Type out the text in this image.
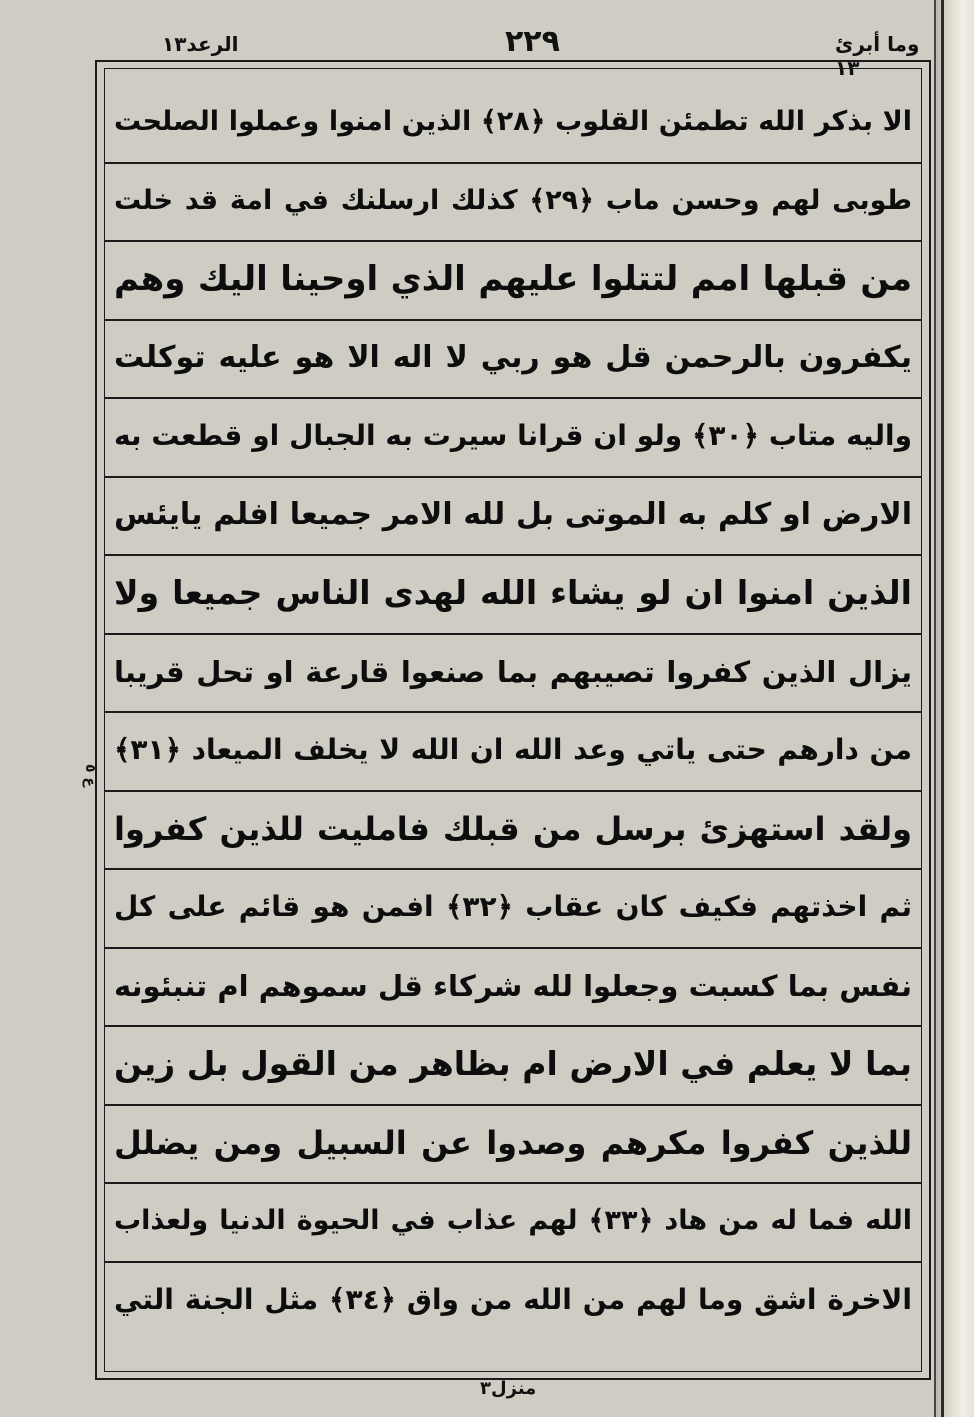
الرعد١٣	٢٢٩	وما أبرئ ١٣
الا بذكر الله تطمئن القلوب ﴿٢٨﴾ الذين امنوا وعملوا الصلحت
طوبى لهم وحسن ماب ﴿٢٩﴾ كذلك ارسلنك في امة قد خلت
من قبلها امم لتتلوا عليهم الذي اوحينا اليك وهم
يكفرون بالرحمن قل هو ربي لا اله الا هو عليه توكلت
واليه متاب ﴿٣٠﴾ ولو ان قرانا سيرت به الجبال او قطعت به
الارض او كلم به الموتى بل لله الامر جميعا افلم يايئس
الذين امنوا ان لو يشاء الله لهدى الناس جميعا ولا
يزال الذين كفروا تصيبهم بما صنعوا قارعة او تحل قريبا
من دارهم حتى ياتي وعد الله ان الله لا يخلف الميعاد ﴿٣١﴾
ولقد استهزئ برسل من قبلك فامليت للذين كفروا
ثم اخذتهم فكيف كان عقاب ﴿٣٢﴾ افمن هو قائم على كل
نفس بما كسبت وجعلوا لله شركاء قل سموهم ام تنبئونه
بما لا يعلم في الارض ام بظاهر من القول بل زين
للذين كفروا مكرهم وصدوا عن السبيل ومن يضلل
الله فما له من هاد ﴿٣٣﴾ لهم عذاب في الحيوة الدنيا ولعذاب
الاخرة اشق وما لهم من الله من واق ﴿٣٤﴾ مثل الجنة التي
ع ٥
منزل٣
